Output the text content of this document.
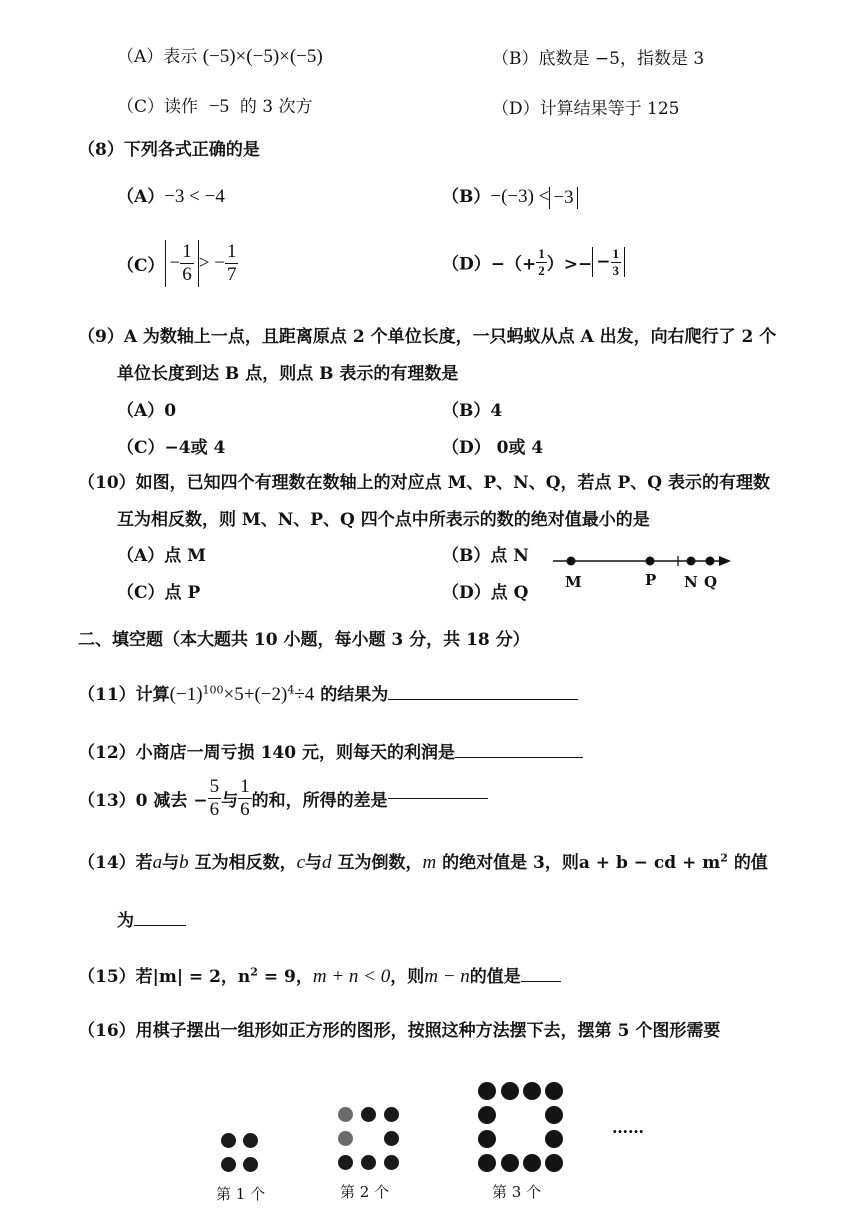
（A）表示 (−5)×(−5)×(−5)	（B）底数是 −5，指数是 3
（C）读作 −5 的 3 次方	（D）计算结果等于 125
（8）下列各式正确的是
（A）−3 < −4	（B）−(−3) < −3
$(C) - \frac{1}{6}$ > − $\frac{1}{7}$	$(D)-(+ \frac{1}{2}$ ）>− − $\frac{1}{3}$
（9）A 为数轴上一点，且距离原点 2 个单位长度，一只蚂蚁从点 A 出发，向右爬行了 2 个
单位长度到达 B 点，则点 B 表示的有理数是
（A）0	（B）4
（C）−4或 4	（D） 0或 4
（10）如图，已知四个有理数在数轴上的对应点 M、P、N、Q，若点 P、Q 表示的有理数
互为相反数，则 M、N、P、Q 四个点中所表示的数的绝对值最小的是
（A）点 M	（B）点 N
（C）点 P	（D）点 Q
M	P N Q
二、填空题（本大题共 10 小题，每小题 3 分，共 18 分）
（11）计算$(-1)^{100}\times 5+(-2)^4\div 4$ 的结果为
（12）小商店一周亏损 140 元，则每天的利润是
（13）0 减去 − $\frac{5}{6}$ 与 $\frac{1}{6}$ 的和，所得的差是
（14）若a与b 互为相反数，c与d 互为倒数，m 的绝对值是 3，则a + b − cd + $m^2$ 的值
为
（15）若|m| = 2，$n^2 = 9$，m + n < 0，则m − n的值是
（16）用棋子摆出一组形如正方形的图形，按照这种方法摆下去，摆第 5 个图形需要
第 1 个	第 2 个	第 3 个
……
